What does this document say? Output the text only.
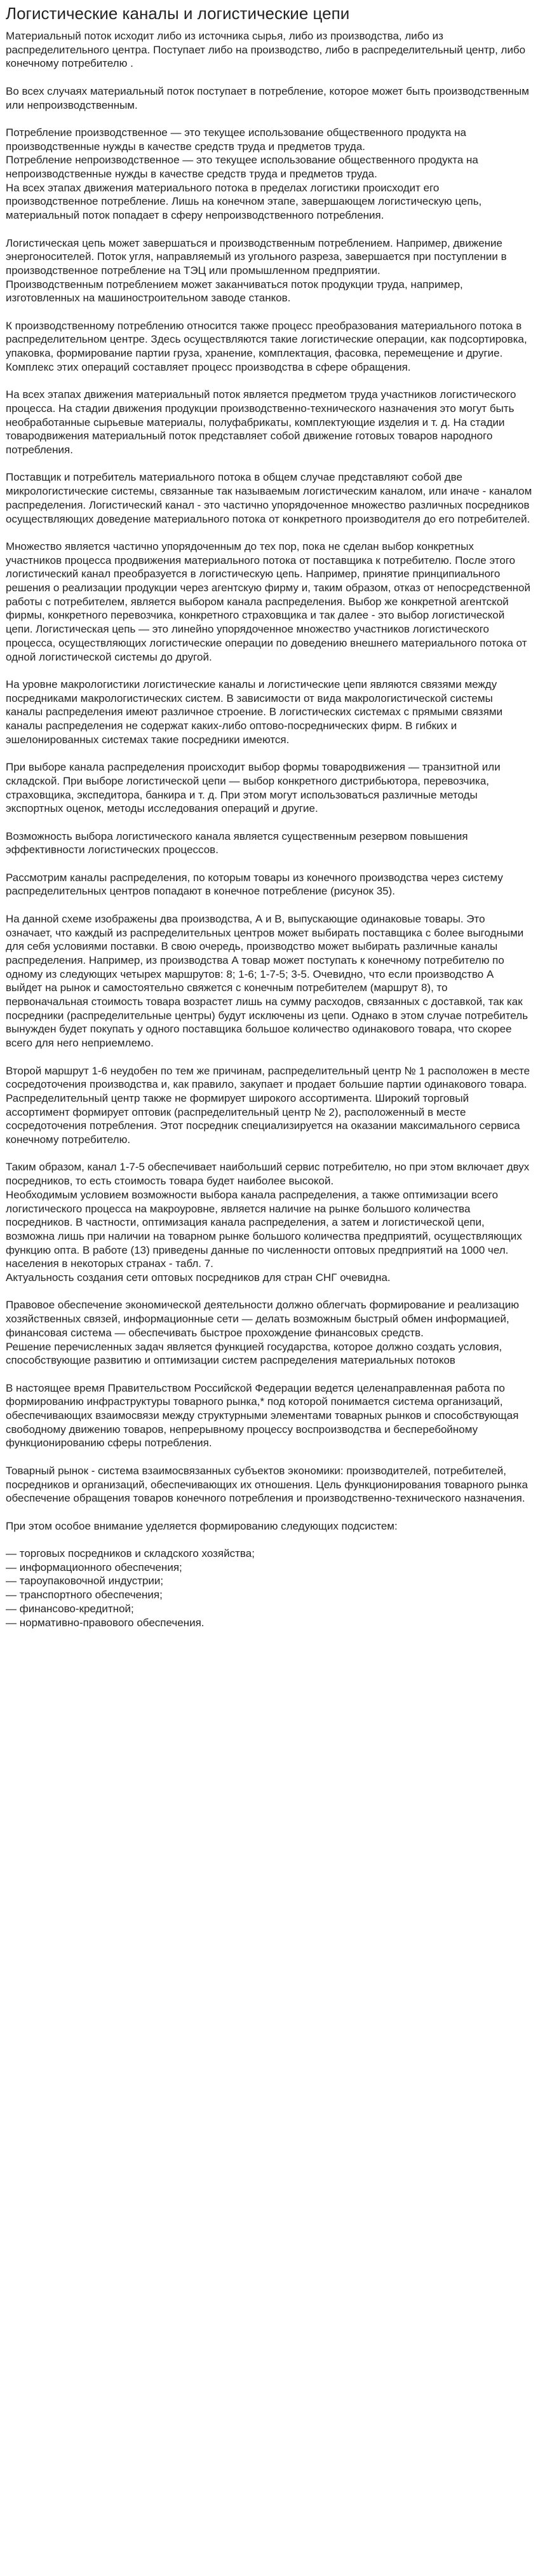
Логистические каналы и логистические цепи

Материальный поток исходит либо из источника сырья, либо из производства, либо из распределительного центра. Поступает либо на производство, либо в распределительный центр, либо конечному потребителю .

Во всех случаях материальный поток поступает в потребление, которое может быть производственным или непроизводственным.

Потребление производственное — это текущее использование общественного продукта на производственные нужды в качестве средств труда и предметов труда.

Потребление непроизводственное — это текущее использование общественного продукта на непроизводственные нужды в качестве средств труда и предметов труда.

На всех этапах движения материального потока в пределах логистики происходит его производственное потребление. Лишь на конечном этапе, завершающем логистическую цепь, материальный поток попадает в сферу непроизводственного потребления.

Логистическая цепь может завершаться и производственным потреблением. Например, движение энергоносителей. Поток угля, направляемый из угольного разреза, завершается при поступлении в производственное потребление на ТЭЦ или промышленном предприятии.

Производственным потреблением может заканчиваться поток продукции труда, например, изготовленных на машиностроительном заводе станков.

К производственному потреблению относится также процесс преобразования материального потока в распределительном центре. Здесь осуществляются такие логистические операции, как подсортировка, упаковка, формирование партии груза, хранение, комплектация, фасовка, перемещение и другие. Комплекс этих операций составляет процесс производства в сфере обращения.

На всех этапах движения материальный поток является предметом труда участников логистического процесса. На стадии движения продукции производственно-технического назначения это могут быть необработанные сырьевые материалы, полуфабрикаты, комплектующие изделия и т. д. На стадии товародвижения материальный поток представляет собой движение готовых товаров народного потребления.

Поставщик и потребитель материального потока в общем случае представляют собой две микрологистические системы, связанные так называемым логистическим каналом, или иначе - каналом распределения. Логистический канал - это частично упорядоченное множество различных посредников осуществляющих доведение материального потока от конкретного производителя до его потребителей.

Множество является частично упорядоченным до тех пор, пока не сделан выбор конкретных участников процесса продвижения материального потока от поставщика к потребителю. После этого логистический канал преобразуется в логистическую цепь. Например, принятие принципиального решения о реализации продукции через агентскую фирму и, таким образом, отказ от непосредственной работы с потребителем, является выбором канала распределения. Выбор же конкретной агентской фирмы, конкретного перевозчика, конкретного страховщика и так далее - это выбор логистической цепи. Логистическая цепь — это линейно упорядоченное множество участников логистического процесса, осуществляющих логистические операции по доведению внешнего материального потока от одной логистической системы до другой.

На уровне макрологистики логистические каналы и логистические цепи являются связями между посредниками макрологистических систем. В зависимости от вида макрологистической системы каналы распределения имеют различное строение. В логистических системах с прямыми связями каналы распределения не содержат каких-либо оптово-посреднических фирм. В гибких и эшелонированных системах такие посредники имеются.

При выборе канала распределения происходит выбор формы товародвижения — транзитной или складской. При выборе логистической цепи — выбор конкретного дистрибьютора, перевозчика, страховщика, экспедитора, банкира и т. д. При этом могут использоваться различные методы экспортных оценок, методы исследования операций и другие.

Возможность выбора логистического канала является существенным резервом повышения эффективности логистических процессов.

Рассмотрим каналы распределения, по которым товары из конечного производства через систему распределительных центров попадают в конечное потребление (рисунок 35).

На данной схеме изображены два производства, А и В, выпускающие одинаковые товары. Это означает, что каждый из распределительных центров может выбирать поставщика с более выгодными для себя условиями поставки. В свою очередь, производство может выбирать различные каналы распределения. Например, из производства А товар может поступать к конечному потребителю по одному из следующих четырех маршрутов: 8; 1-6; 1-7-5; 3-5. Очевидно, что если производство А выйдет на рынок и самостоятельно свяжется с конечным потребителем (маршрут 8), то первоначальная стоимость товара возрастет лишь на сумму расходов, связанных с доставкой, так как посредники (распределительные центры) будут исключены из цепи. Однако в этом случае потребитель вынужден будет покупать у одного поставщика большое количество одинакового товара, что скорее всего для него неприемлемо.

Второй маршрут 1-6 неудобен по тем же причинам, распределительный центр № 1 расположен в месте сосредоточения производства и, как правило, закупает и продает большие партии одинакового товара. Распределительный центр также не формирует широкого ассортимента. Широкий торговый ассортимент формирует оптовик (распределительный центр № 2), расположенный в месте сосредоточения потребления. Этот посредник специализируется на оказании максимального сервиса конечному потребителю.

Таким образом, канал 1-7-5 обеспечивает наибольший сервис потребителю, но при этом включает двух посредников, то есть стоимость товара будет наиболее высокой.

Необходимым условием возможности выбора канала распределения, а также оптимизации всего логистического процесса на макроуровне, является наличие на рынке большого количества посредников. В частности, оптимизация канала распределения, а затем и логистической цепи, возможна лишь при наличии на товарном рынке большого количества предприятий, осуществляющих функцию опта. В работе (13) приведены данные по численности оптовых предприятий на 1000 чел. населения в некоторых странах - табл. 7.

Актуальность создания сети оптовых посредников для стран СНГ очевидна.

Правовое обеспечение экономической деятельности должно облегчать формирование и реализацию хозяйственных связей, информационные сети — делать возможным быстрый обмен информацией, финансовая система — обеспечивать быстрое прохождение финансовых средств.

Решение перечисленных задач является функцией государства, которое должно создать условия, способствующие развитию и оптимизации систем распределения материальных потоков

В настоящее время Правительством Российской Федерации ведется целенаправленная работа по формированию инфраструктуры товарного рынка,* под которой понимается система организаций, обеспечивающих взаимосвязи между структурными элементами товарных рынков и способствующая свободному движению товаров, непрерывному процессу воспроизводства и бесперебойному функционированию сферы потребления.

Товарный рынок - система взаимосвязанных субъектов экономики: производителей, потребителей, посредников и организаций, обеспечивающих их отношения. Цель функционирования товарного рынка обеспечение обращения товаров конечного потребления и производственно-технического назначения.

При этом особое внимание уделяется формированию следующих подсистем:

— торговых посредников и складского хозяйства;
— информационного обеспечения;
— тароупаковочной индустрии;
— транспортного обеспечения;
— финансово-кредитной;
— нормативно-правового обеспечения.
